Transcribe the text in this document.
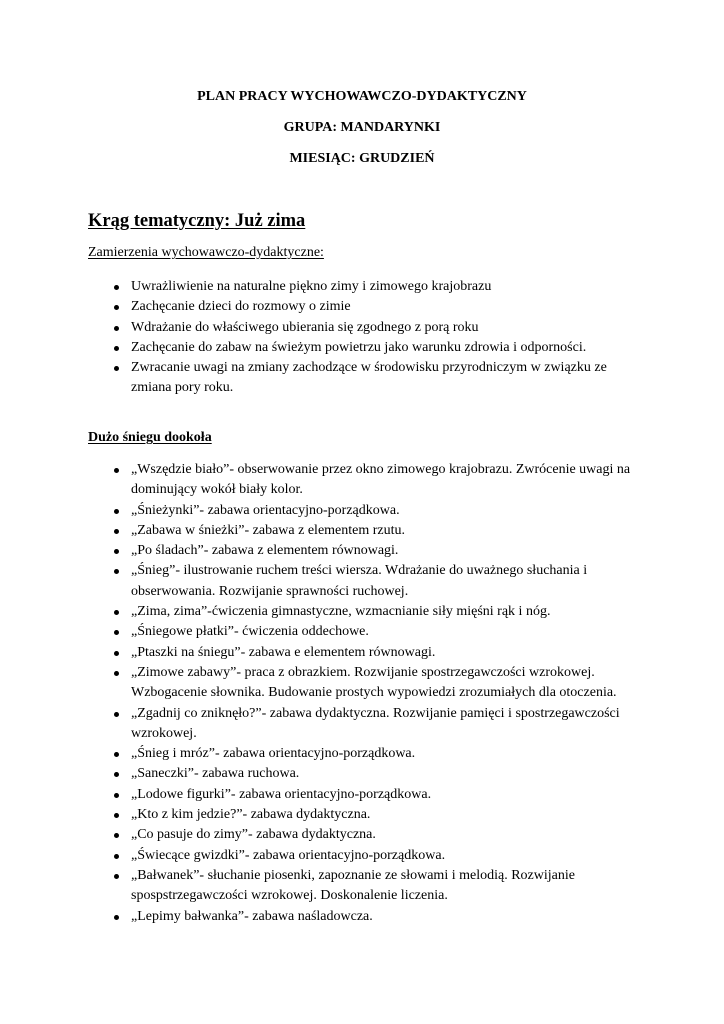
PLAN PRACY WYCHOWAWCZO-DYDAKTYCZNY
GRUPA: MANDARYNKI
MIESIĄC: GRUDZIEŃ
Krąg tematyczny: Już zima
Zamierzenia wychowawczo-dydaktyczne:
Uwrażliwienie na naturalne piękno zimy i zimowego krajobrazu
Zachęcanie dzieci do rozmowy o zimie
Wdrażanie do właściwego ubierania się zgodnego z porą roku
Zachęcanie do zabaw na świeżym powietrzu jako warunku zdrowia i odporności.
Zwracanie uwagi na zmiany zachodzące w środowisku przyrodniczym w związku ze zmiana pory roku.
Dużo śniegu dookoła
„Wszędzie biało”- obserwowanie przez okno zimowego krajobrazu. Zwrócenie uwagi na dominujący wokół biały kolor.
„Śnieżynki”- zabawa orientacyjno-porządkowa.
„Zabawa w śnieżki”- zabawa z elementem rzutu.
„Po śladach”- zabawa z elementem równowagi.
„Śnieg”- ilustrowanie ruchem treści wiersza. Wdrażanie do uważnego słuchania i obserwowania. Rozwijanie sprawności ruchowej.
„Zima, zima”-ćwiczenia gimnastyczne, wzmacnianie siły mięśni rąk i nóg.
„Śniegowe płatki”- ćwiczenia oddechowe.
„Ptaszki na śniegu”- zabawa e elementem równowagi.
„Zimowe zabawy”- praca z obrazkiem. Rozwijanie spostrzegawczości wzrokowej. Wzbogacenie słownika. Budowanie prostych wypowiedzi zrozumiałych dla otoczenia.
„Zgadnij co zniknęło?”- zabawa dydaktyczna. Rozwijanie pamięci i spostrzegawczości wzrokowej.
„Śnieg i mróz”- zabawa orientacyjno-porządkowa.
„Saneczki”- zabawa ruchowa.
„Lodowe figurki”- zabawa orientacyjno-porządkowa.
„Kto z kim jedzie?”- zabawa dydaktyczna.
„Co pasuje do zimy”- zabawa dydaktyczna.
„Świecące gwizdki”- zabawa orientacyjno-porządkowa.
„Bałwanek”- słuchanie piosenki, zapoznanie ze słowami i melodią. Rozwijanie spospstrzegawczości wzrokowej. Doskonalenie liczenia.
„Lepimy bałwanka”- zabawa naśladowcza.
